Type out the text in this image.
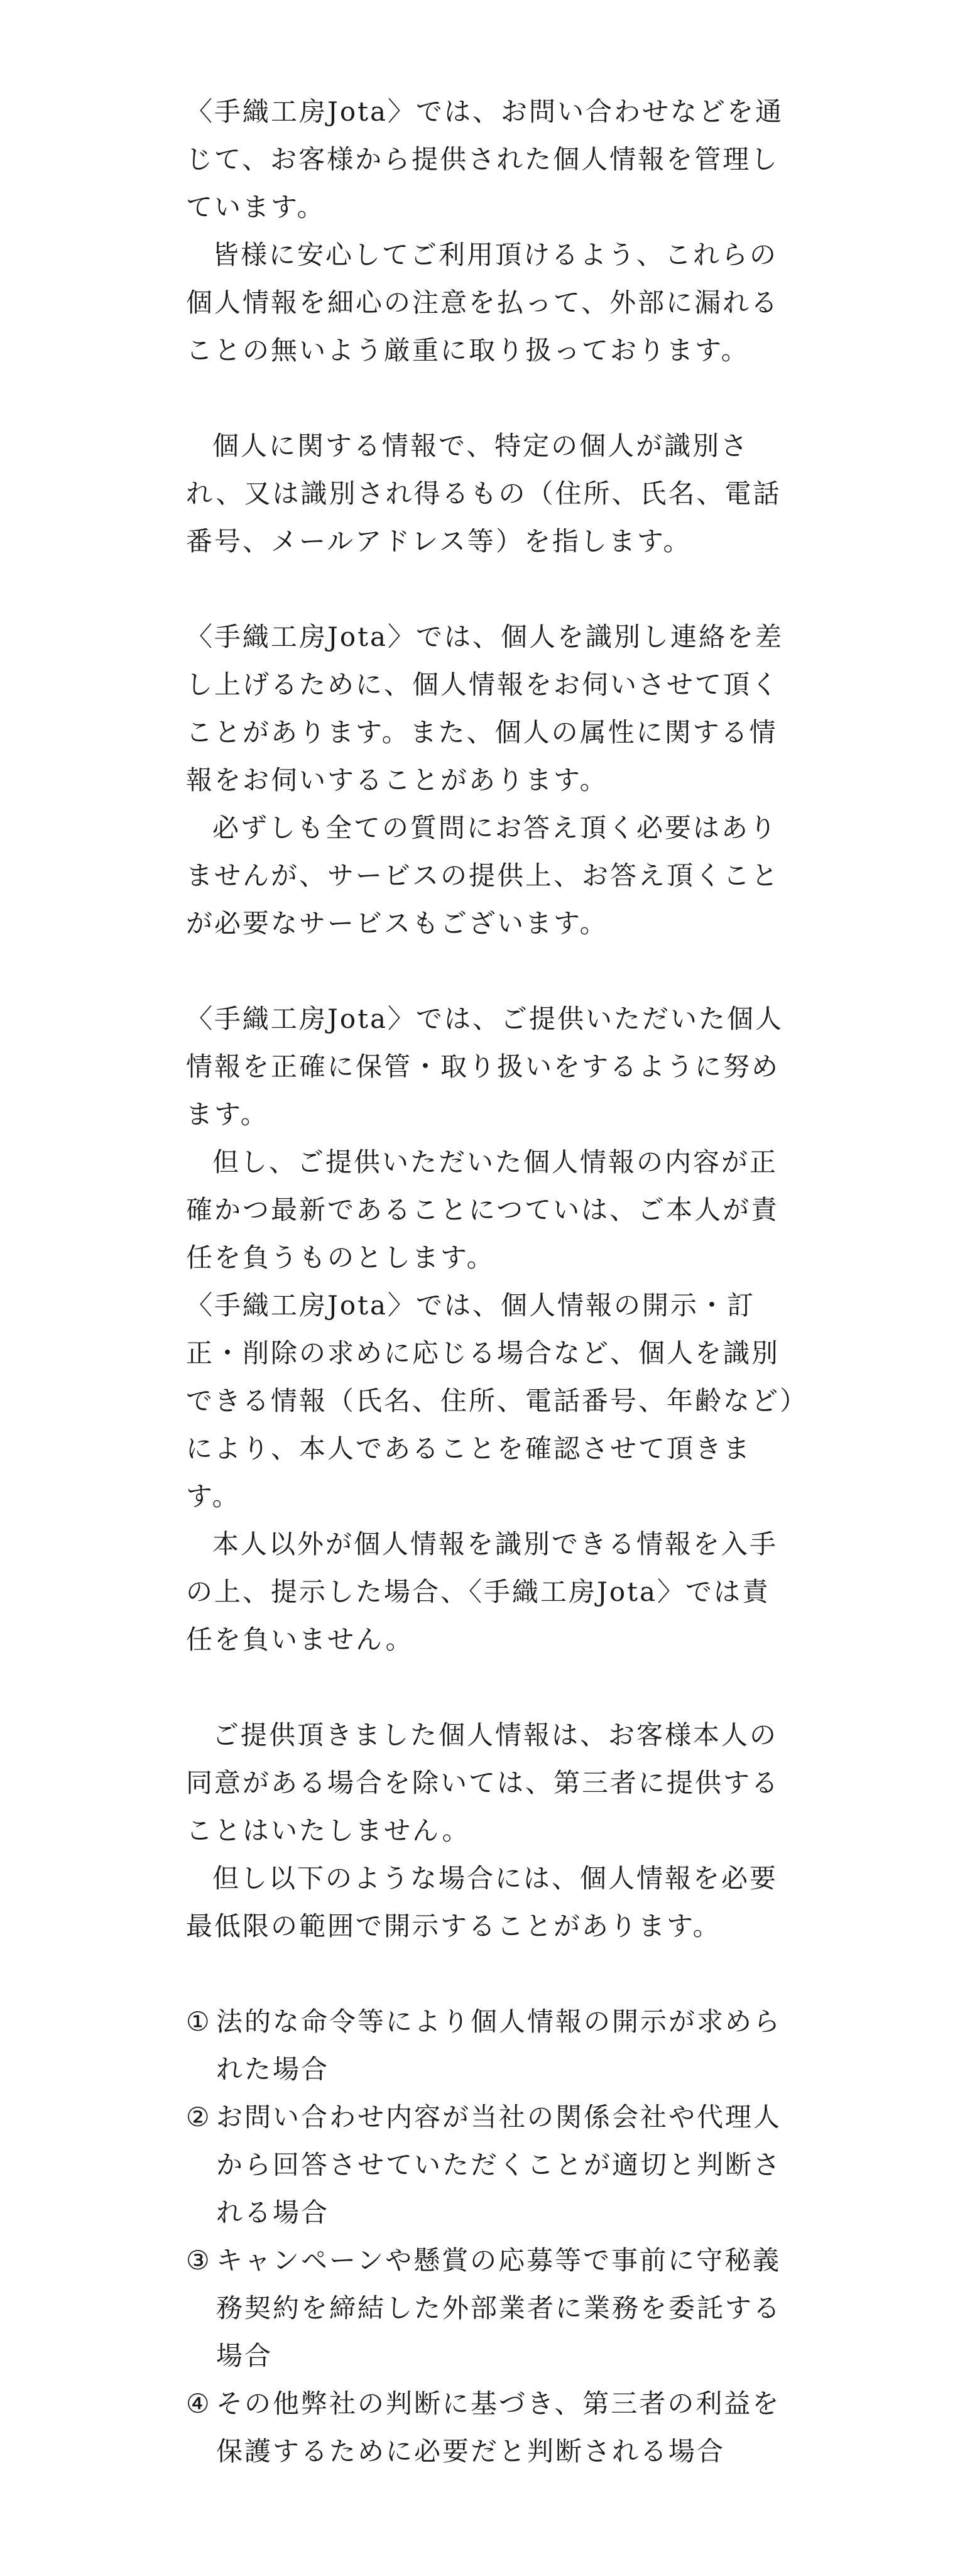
〈手織工房Jota〉では、お問い合わせなどを通じて、お客様から提供された個人情報を管理しています。

皆様に安心してご利用頂けるよう、これらの個人情報を細心の注意を払って、外部に漏れることの無いよう厳重に取り扱っております。

個人に関する情報で、特定の個人が識別され、又は識別され得るもの（住所、氏名、電話番号、メールアドレス等）を指します。

〈手織工房Jota〉では、個人を識別し連絡を差し上げるために、個人情報をお伺いさせて頂くことがあります。また、個人の属性に関する情報をお伺いすることがあります。

必ずしも全ての質問にお答え頂く必要はありませんが、サービスの提供上、お答え頂くことが必要なサービスもございます。

〈手織工房Jota〉では、ご提供いただいた個人情報を正確に保管・取り扱いをするように努めます。

但し、ご提供いただいた個人情報の内容が正確かつ最新であることにつていは、ご本人が責任を負うものとします。

〈手織工房Jota〉では、個人情報の開示・訂正・削除の求めに応じる場合など、個人を識別できる情報（氏名、住所、電話番号、年齢など）により、本人であることを確認させて頂きます。

本人以外が個人情報を識別できる情報を入手の上、提示した場合、〈手織工房Jota〉では責任を負いません。

ご提供頂きました個人情報は、お客様本人の同意がある場合を除いては、第三者に提供することはいたしません。

但し以下のような場合には、個人情報を必要最低限の範囲で開示することがあります。

① 法的な命令等により個人情報の開示が求められた場合
② お問い合わせ内容が当社の関係会社や代理人から回答させていただくことが適切と判断される場合
③ キャンペーンや懸賞の応募等で事前に守秘義務契約を締結した外部業者に業務を委託する場合
④ その他弊社の判断に基づき、第三者の利益を保護するために必要だと判断される場合
